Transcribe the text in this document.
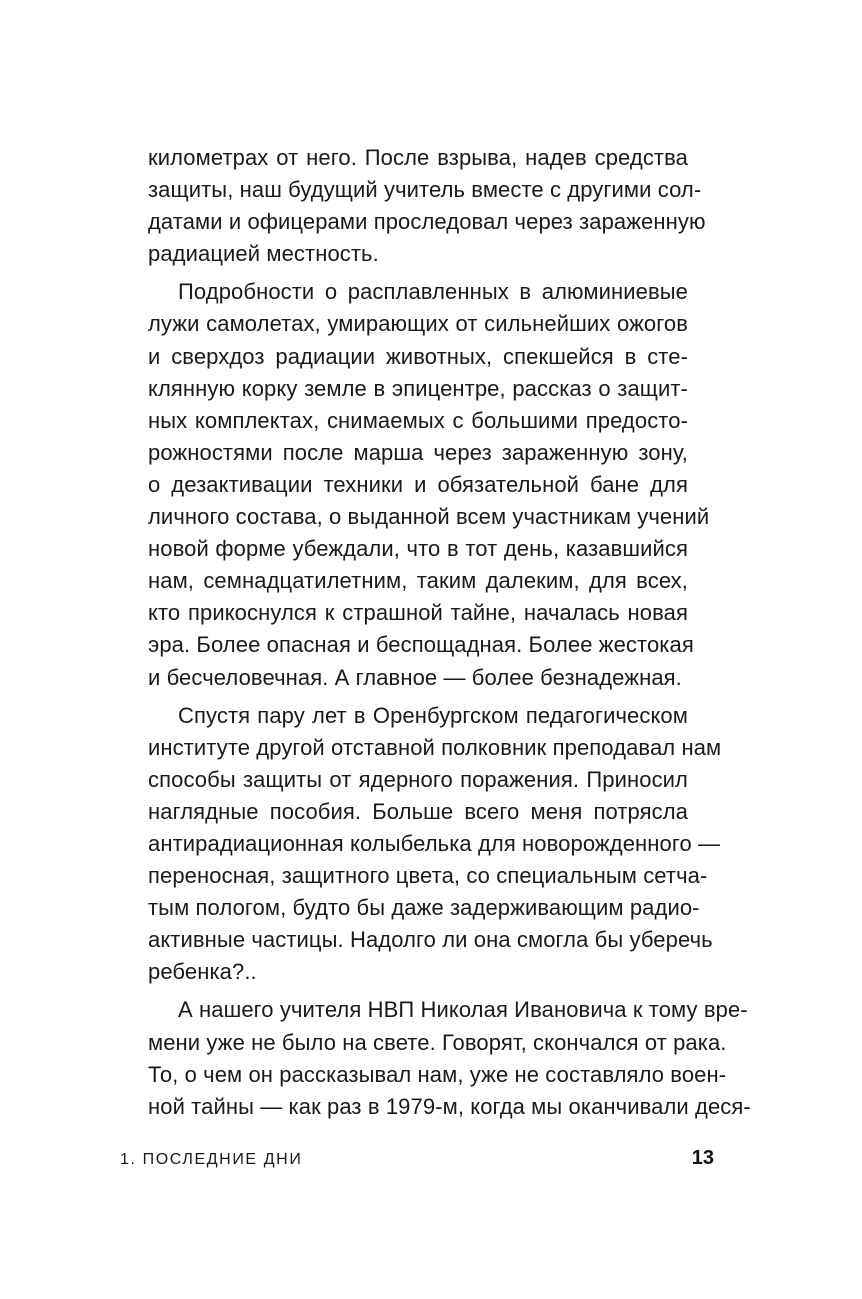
километрах от него. После взрыва, надев средства
защиты, наш будущий учитель вместе с другими сол-
датами и офицерами проследовал через зараженную
радиацией местность.
Подробности о расплавленных в алюминиевые
лужи самолетах, умирающих от сильнейших ожогов
и сверхдоз радиации животных, спекшейся в сте-
клянную корку земле в эпицентре, рассказ о защит-
ных комплектах, снимаемых с большими предосто-
рожностями после марша через зараженную зону,
о дезактивации техники и обязательной бане для
личного состава, о выданной всем участникам учений
новой форме убеждали, что в тот день, казавшийся
нам, семнадцатилетним, таким далеким, для всех,
кто прикоснулся к страшной тайне, началась новая
эра. Более опасная и беспощадная. Более жестокая
и бесчеловечная. А главное — более безнадежная.
Спустя пару лет в Оренбургском педагогическом
институте другой отставной полковник преподавал нам
способы защиты от ядерного поражения. Приносил
наглядные пособия. Больше всего меня потрясла
антирадиационная колыбелька для новорожденного —
переносная, защитного цвета, со специальным сетча-
тым пологом, будто бы даже задерживающим радио-
активные частицы. Надолго ли она смогла бы уберечь
ребенка?..
А нашего учителя НВП Николая Ивановича к тому вре-
мени уже не было на свете. Говорят, скончался от рака.
То, о чем он рассказывал нам, уже не составляло воен-
ной тайны — как раз в 1979-м, когда мы оканчивали деся-
1. ПОСЛЕДНИЕ ДНИ	13
